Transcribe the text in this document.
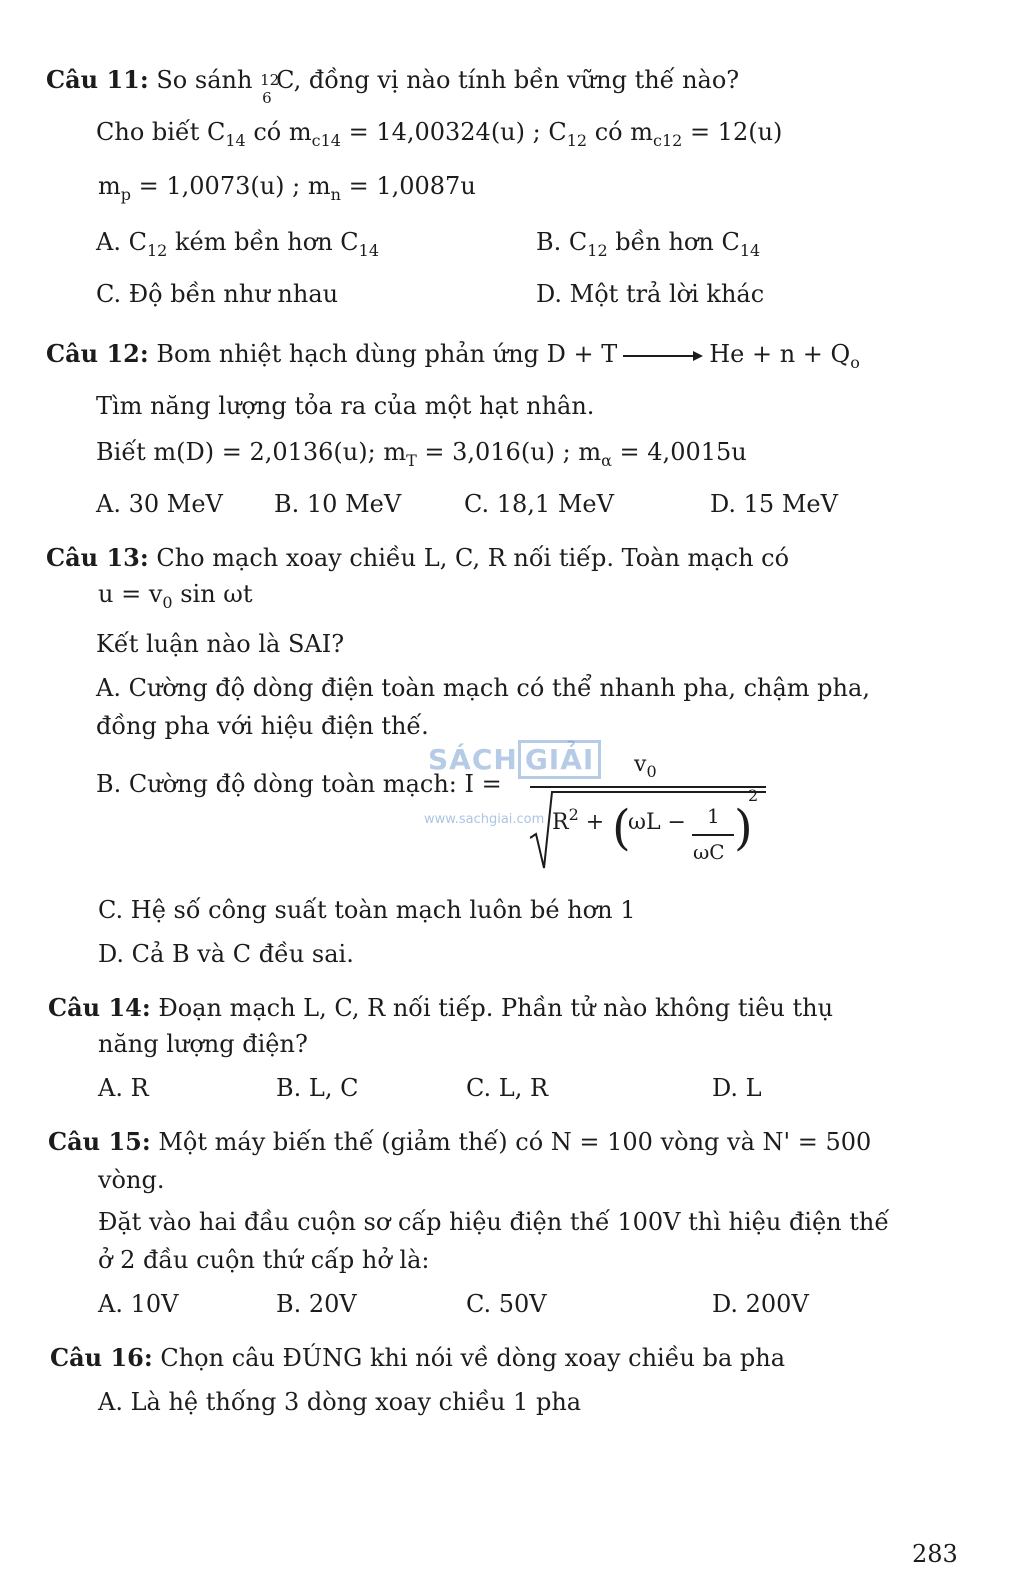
Câu 11: So sánh 12
6
C, đồng vị nào tính bền vững thế nào?
Cho biết $C_{14}$ có $m_{c14} = 14,00324(u)$ ; $C_{12}$ có $m_{c12} = 12(u)$
$m_p = 1,0073(u)$ ; $m_n = 1,0087u$
A. $C_{12}$ kém bền hơn $C_{14}$	B. $C_{12}$ bền hơn $C_{14}$
C. Độ bền như nhau	D. Một trả lời khác
Câu 12: Bom nhiệt hạch dùng phản ứng D + T	$He + n + Q_o$
Tìm năng lượng tỏa ra của một hạt nhân.
Biết m(D) = 2,0136(u); $m_T = 3,016(u)$ ; $m_\alpha = 4,0015u$
A. 30 MeV B. 10 MeV	C. 18,1 MeV	D. 15 MeV
Câu 13: Cho mạch xoay chiều L, C, R nối tiếp. Toàn mạch có
$u = v_0$ sin ωt
Kết luận nào là SAI?
A. Cường độ dòng điện toàn mạch có thể nhanh pha, chậm pha,
đồng pha với hiệu điện thế.
B. Cường độ dòng toàn mạch: I =
$v_0$
$R^2$ + (
ωL − 1
ωC )
2
SÁCH GIẢI
www.sachgiai.com
C. Hệ số công suất toàn mạch luôn bé hơn 1
D. Cả B và C đều sai.
Câu 14: Đoạn mạch L, C, R nối tiếp. Phần tử nào không tiêu thụ
năng lượng điện?
A. R	B. L, C	C. L, R	D. L
Câu 15: Một máy biến thế (giảm thế) có N = 100 vòng và N' = 500
vòng.
Đặt vào hai đầu cuộn sơ cấp hiệu điện thế 100V thì hiệu điện thế
ở 2 đầu cuộn thứ cấp hở là:
A. 10V	B. 20V	C. 50V	D. 200V
Câu 16: Chọn câu ĐÚNG khi nói về dòng xoay chiều ba pha
A. Là hệ thống 3 dòng xoay chiều 1 pha
283
